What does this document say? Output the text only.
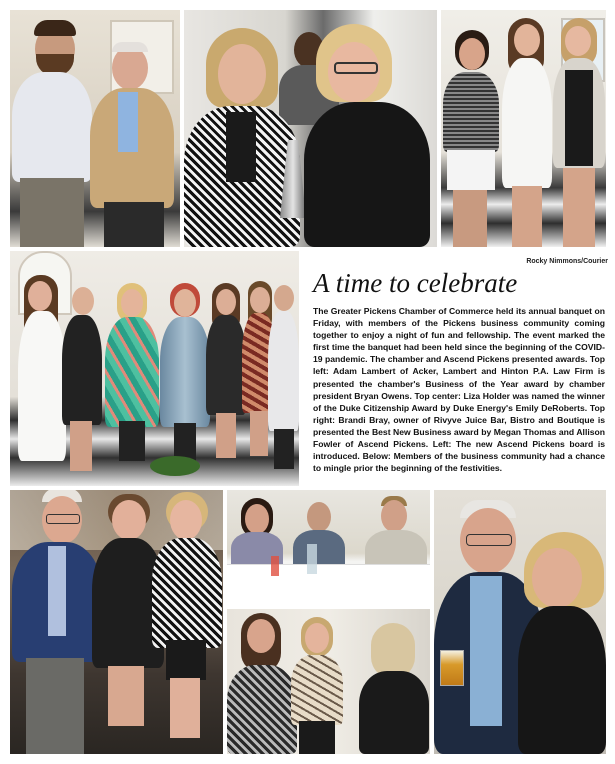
Rocky Nimmons/Courier
A time to celebrate
The Greater Pickens Chamber of Commerce held its annual banquet on Friday, with members of the Pickens business community coming together to enjoy a night of fun and fellowship. The event marked the first time the banquet had been held since the beginning of the COVID-19 pandemic. The chamber and Ascend Pickens presented awards. Top left: Adam Lambert of Acker, Lambert and Hinton P.A. Law Firm is presented the chamber's Business of the Year award by chamber president Bryan Owens. Top center: Liza Holder was named the winner of the Duke Citizenship Award by Duke Energy's Emily DeRoberts. Top right: Brandi Bray, owner of Rivyve Juice Bar, Bistro and Boutique is presented the Best New Business award by Megan Thomas and Allison Fowler of Ascend Pickens. Left: The new Ascend Pickens board is introduced. Below: Members of the business community had a chance to mingle prior the beginning of the festivities.
